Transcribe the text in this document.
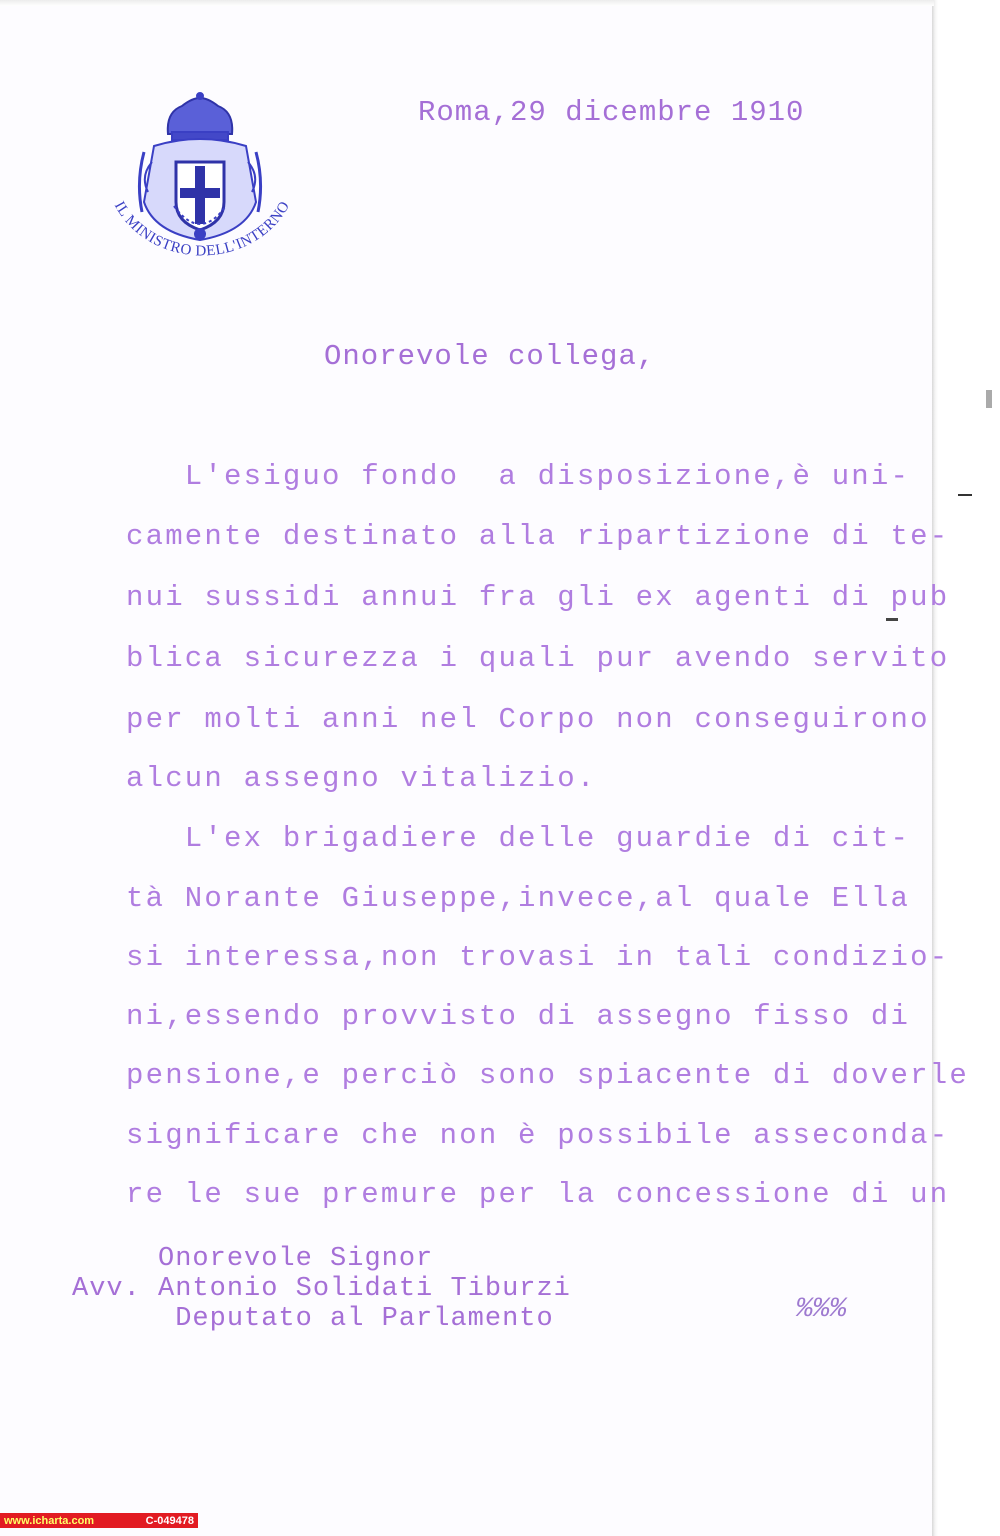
IL MINISTRO DELL'INTERNO
Roma,29 dicembre 1910
Onorevole collega,
L'esiguo fondo  a disposizione,è uni-
camente destinato alla ripartizione di te-
nui sussidi annui fra gli ex agenti di pub
blica sicurezza i quali pur avendo servito
per molti anni nel Corpo non conseguirono
alcun assegno vitalizio.
L'ex brigadiere delle guardie di cit-
tà Norante Giuseppe,invece,al quale Ella
si interessa,non trovasi in tali condizio-
ni,essendo provvisto di assegno fisso di
pensione,e perciò sono spiacente di doverle
significare che non è possibile asseconda-
re le sue premure per la concessione di un
Onorevole Signor
Avv. Antonio Solidati Tiburzi
Deputato al Parlamento	%%%
www.icharta.com	C-049478
